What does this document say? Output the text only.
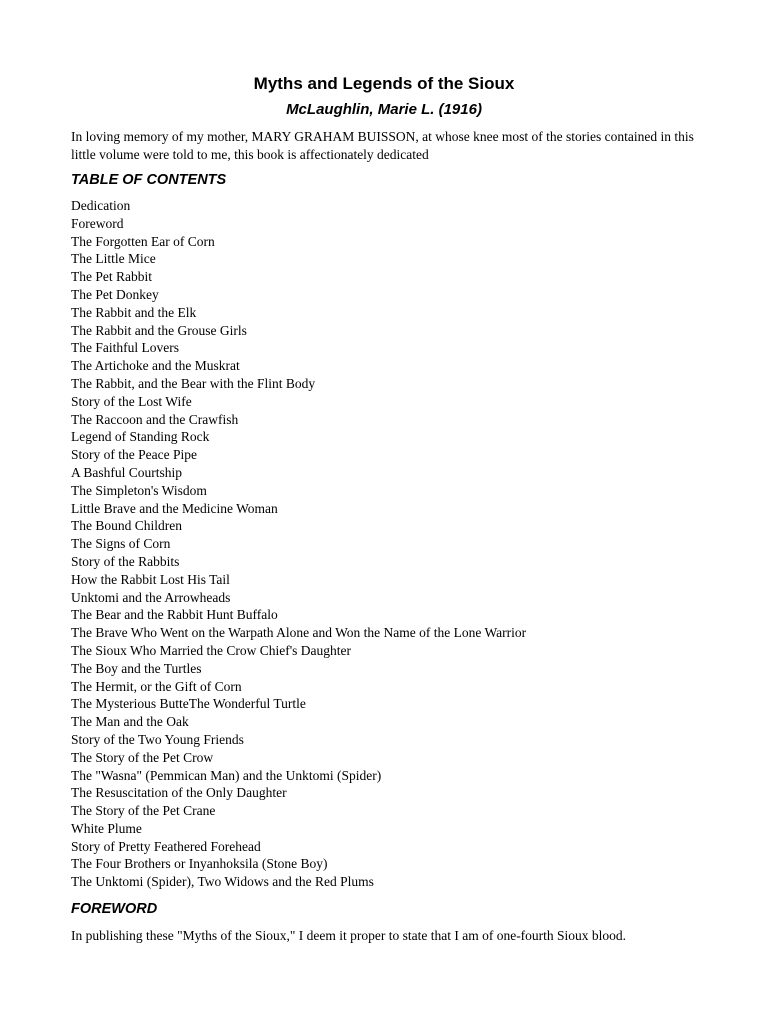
Myths and Legends of the Sioux
McLaughlin, Marie L. (1916)

In loving memory of my mother, MARY GRAHAM BUISSON, at whose knee most of the stories contained in this little volume were told to me, this book is affectionately dedicated

TABLE OF CONTENTS
Dedication
Foreword
The Forgotten Ear of Corn
The Little Mice
The Pet Rabbit
The Pet Donkey
The Rabbit and the Elk
The Rabbit and the Grouse Girls
The Faithful Lovers
The Artichoke and the Muskrat
The Rabbit, and the Bear with the Flint Body
Story of the Lost Wife
The Raccoon and the Crawfish
Legend of Standing Rock
Story of the Peace Pipe
A Bashful Courtship
The Simpleton's Wisdom
Little Brave and the Medicine Woman
The Bound Children
The Signs of Corn
Story of the Rabbits
How the Rabbit Lost His Tail
Unktomi and the Arrowheads
The Bear and the Rabbit Hunt Buffalo
The Brave Who Went on the Warpath Alone and Won the Name of the Lone Warrior
The Sioux Who Married the Crow Chief's Daughter
The Boy and the Turtles
The Hermit, or the Gift of Corn
The Mysterious ButteThe Wonderful Turtle
The Man and the Oak
Story of the Two Young Friends
The Story of the Pet Crow
The "Wasna" (Pemmican Man) and the Unktomi (Spider)
The Resuscitation of the Only Daughter
The Story of the Pet Crane
White Plume
Story of Pretty Feathered Forehead
The Four Brothers or Inyanhoksila (Stone Boy)
The Unktomi (Spider), Two Widows and the Red Plums
FOREWORD

In publishing these "Myths of the Sioux," I deem it proper to state that I am of one-fourth Sioux blood.
